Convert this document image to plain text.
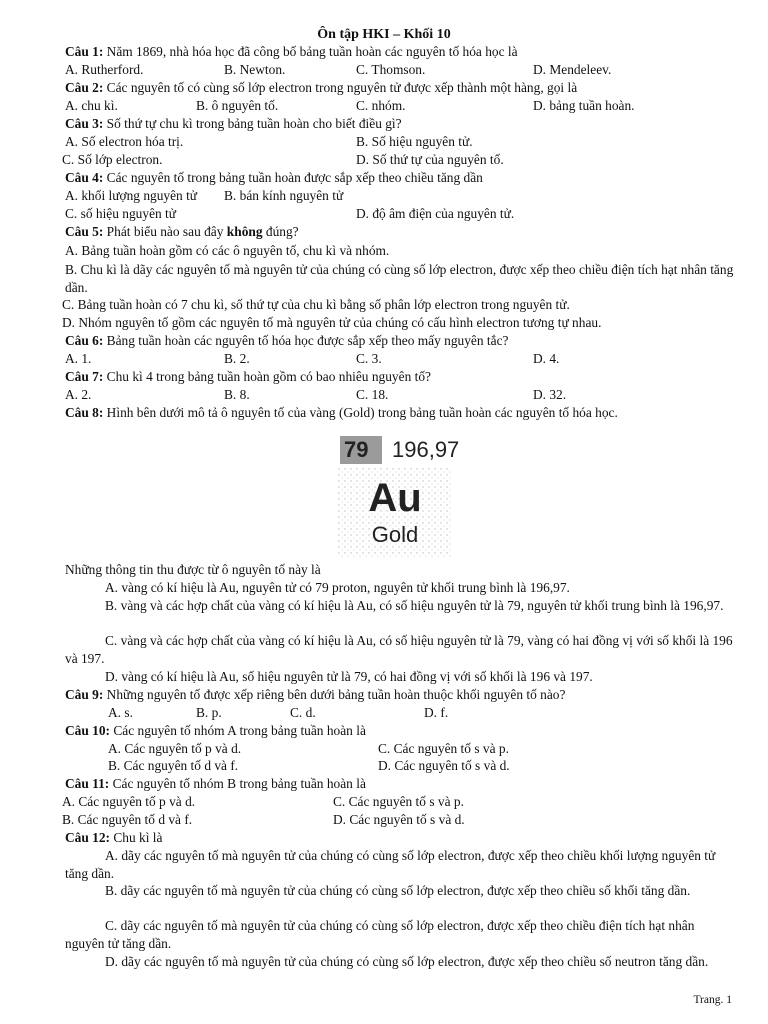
Ôn tập HKI – Khối 10
Câu 1: Năm 1869, nhà hóa học đã công bố bảng tuần hoàn các nguyên tố hóa học là
A. Rutherford.	B. Newton.	C. Thomson.	D. Mendeleev.
Câu 2: Các nguyên tố có cùng số lớp electron trong nguyên tử được xếp thành một hàng, gọi là
A. chu kì.	B. ô nguyên tố.	C. nhóm.	D. bảng tuần hoàn.
Câu 3: Số thứ tự chu kì trong bảng tuần hoàn cho biết điều gì?
A. Số electron hóa trị.	B. Số hiệu nguyên tử.
C. Số lớp electron.	D. Số thứ tự của nguyên tố.
Câu 4: Các nguyên tố trong bảng tuần hoàn được sắp xếp theo chiều tăng dần
A. khối lượng nguyên tử B. bán kính nguyên tử
C. số hiệu nguyên tử	D. độ âm điện của nguyên tử.
Câu 5: Phát biểu nào sau đây không đúng?
A. Bảng tuần hoàn gồm có các ô nguyên tố, chu kì và nhóm.
B. Chu kì là dãy các nguyên tố mà nguyên tử của chúng có cùng số lớp electron, được xếp theo chiều điện tích hạt nhân tăng dần.
C. Bảng tuần hoàn có 7 chu kì, số thứ tự của chu kì bằng số phân lớp electron trong nguyên tử.
D. Nhóm nguyên tố gồm các nguyên tố mà nguyên tử của chúng có cấu hình electron tương tự nhau.
Câu 6: Bảng tuần hoàn các nguyên tố hóa học được sắp xếp theo mấy nguyên tắc?
A. 1.	B. 2.	C. 3.	D. 4.
Câu 7: Chu kì 4 trong bảng tuần hoàn gồm có bao nhiêu nguyên tố?
A. 2.	B. 8.	C. 18.	D. 32.
Câu 8: Hình bên dưới mô tả ô nguyên tố của vàng (Gold) trong bảng tuần hoàn các nguyên tố hóa học.
79 196,97
Au
Gold
Những thông tin thu được từ ô nguyên tố này là
A. vàng có kí hiệu là Au, nguyên tử có 79 proton, nguyên tử khối trung bình là 196,97.
B. vàng và các hợp chất của vàng có kí hiệu là Au, có số hiệu nguyên tử là 79, nguyên tử khối trung bình là 196,97.
C. vàng và các hợp chất của vàng có kí hiệu là Au, có số hiệu nguyên tử là 79, vàng có hai đồng vị với số khối là 196 và 197.
D. vàng có kí hiệu là Au, số hiệu nguyên tử là 79, có hai đồng vị với số khối là 196 và 197.
Câu 9: Những nguyên tố được xếp riêng bên dưới bảng tuần hoàn thuộc khối nguyên tố nào?
A. s.	B. p.	C. d.	D. f.
Câu 10: Các nguyên tố nhóm A trong bảng tuần hoàn là
A. Các nguyên tố p và d.	C. Các nguyên tố s và p.
B. Các nguyên tố d và f.	D. Các nguyên tố s và d.
Câu 11: Các nguyên tố nhóm B trong bảng tuần hoàn là
A. Các nguyên tố p và d.	C. Các nguyên tố s và p.
B. Các nguyên tố d và f.	D. Các nguyên tố s và d.
Câu 12: Chu kì là
A. dãy các nguyên tố mà nguyên tử của chúng có cùng số lớp electron, được xếp theo chiều khối lượng nguyên tử tăng dần.
B. dãy các nguyên tố mà nguyên tử của chúng có cùng số lớp electron, được xếp theo chiều số khối tăng dần.
C. dãy các nguyên tố mà nguyên tử của chúng có cùng số lớp electron, được xếp theo chiều điện tích hạt nhân nguyên tử tăng dần.
D. dãy các nguyên tố mà nguyên tử của chúng có cùng số lớp electron, được xếp theo chiều số neutron tăng dần.
Trang. 1
